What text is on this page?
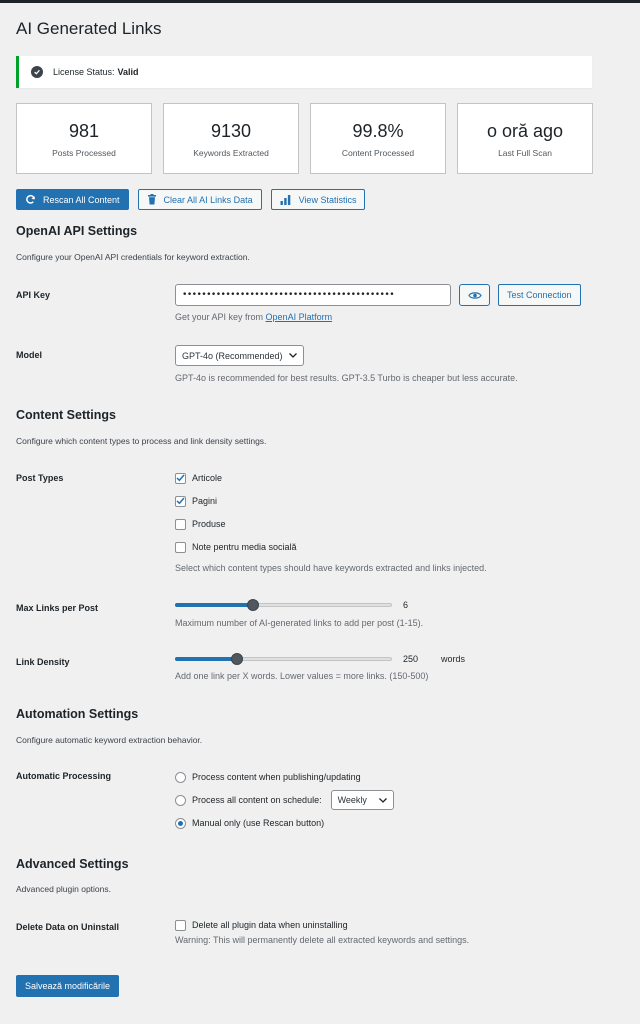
AI Generated Links
License Status: Valid
981
Posts Processed
9130
Keywords Extracted
99.8%
Content Processed
o oră ago
Last Full Scan
Rescan All Content	Clear All AI Links Data	View Statistics
OpenAI API Settings
Configure your OpenAI API credentials for keyword extraction.
API Key	••••••••••••••••••••••••••••••••••••••••••••	Test Connection
Get your API key from OpenAI Platform
Model	GPT-4o (Recommended)
GPT-4o is recommended for best results. GPT-3.5 Turbo is cheaper but less accurate.
Content Settings
Configure which content types to process and link density settings.
Post Types	Articole
Pagini
Produse
Note pentru media socială
Select which content types should have keywords extracted and links injected.
Max Links per Post	6
Maximum number of AI-generated links to add per post (1-15).
Link Density	250	words
Add one link per X words. Lower values = more links. (150-500)
Automation Settings
Configure automatic keyword extraction behavior.
Automatic Processing	Process content when publishing/updating
Process all content on schedule: Weekly
Manual only (use Rescan button)
Advanced Settings
Advanced plugin options.
Delete Data on Uninstall	Delete all plugin data when uninstalling
Warning: This will permanently delete all extracted keywords and settings.
Salvează modificările
